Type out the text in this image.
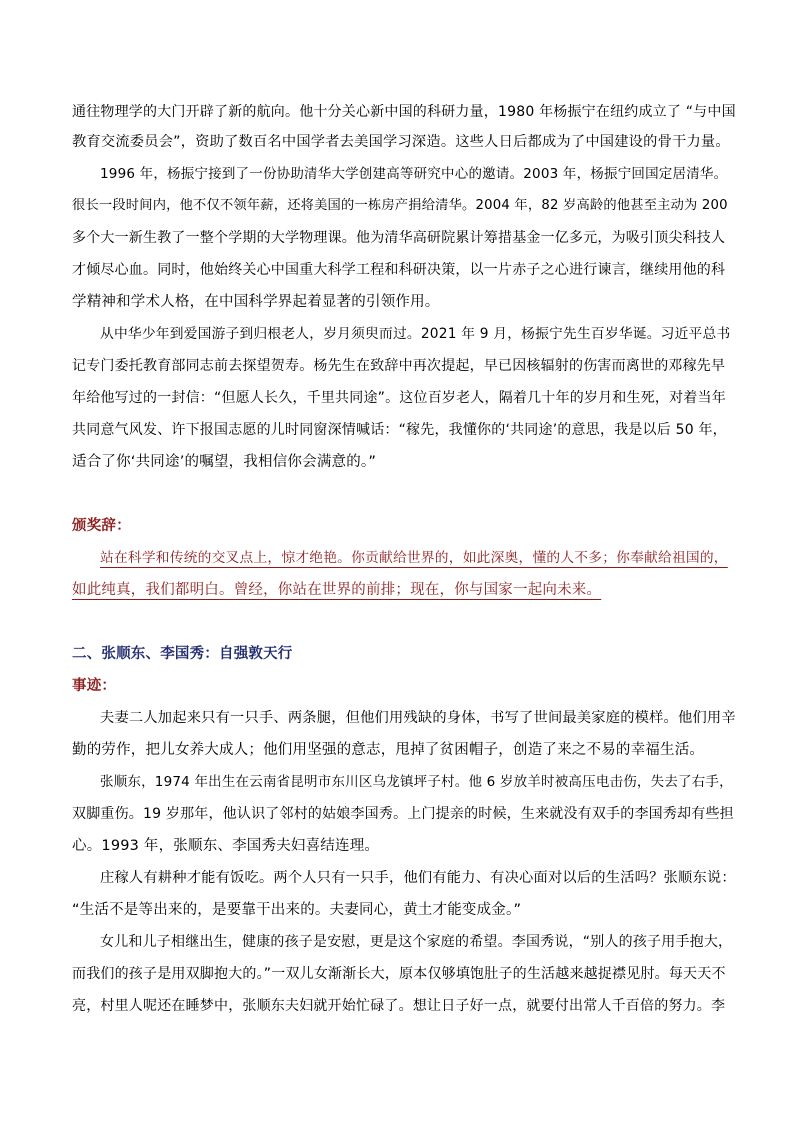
通往物理学的大门开辟了新的航向。他十分关心新中国的科研力量，1980 年杨振宁在纽约成立了 “与中国
教育交流委员会”，资助了数百名中国学者去美国学习深造。这些人日后都成为了中国建设的骨干力量。
1996 年，杨振宁接到了一份协助清华大学创建高等研究中心的邀请。2003 年，杨振宁回国定居清华。
很长一段时间内，他不仅不领年薪，还将美国的一栋房产捐给清华。2004 年，82 岁高龄的他甚至主动为 200
多个大一新生教了一整个学期的大学物理课。他为清华高研院累计筹措基金一亿多元，为吸引顶尖科技人
才倾尽心血。同时，他始终关心中国重大科学工程和科研决策，以一片赤子之心进行谏言，继续用他的科
学精神和学术人格，在中国科学界起着显著的引领作用。
从中华少年到爱国游子到归根老人，岁月须臾而过。2021 年 9 月，杨振宁先生百岁华诞。习近平总书
记专门委托教育部同志前去探望贺寿。杨先生在致辞中再次提起，早已因核辐射的伤害而离世的邓稼先早
年给他写过的一封信：“但愿人长久，千里共同途”。这位百岁老人，隔着几十年的岁月和生死，对着当年
共同意气风发、许下报国志愿的儿时同窗深情喊话：“稼先，我懂你的‘共同途’的意思，我是以后 50 年，
适合了你‘共同途’的嘱望，我相信你会满意的。”
颁奖辞：
站在科学和传统的交叉点上，惊才绝艳。你贡献给世界的，如此深奥，懂的人不多；你奉献给祖国的，
如此纯真，我们都明白。曾经，你站在世界的前排；现在，你与国家一起向未来。
二、张顺东、李国秀：自强敦天行
事迹：
夫妻二人加起来只有一只手、两条腿，但他们用残缺的身体，书写了世间最美家庭的模样。他们用辛
勤的劳作，把儿女养大成人；他们用坚强的意志，甩掉了贫困帽子，创造了来之不易的幸福生活。
张顺东，1974 年出生在云南省昆明市东川区乌龙镇坪子村。他 6 岁放羊时被高压电击伤，失去了右手，
双脚重伤。19 岁那年，他认识了邻村的姑娘李国秀。上门提亲的时候，生来就没有双手的李国秀却有些担
心。1993 年，张顺东、李国秀夫妇喜结连理。
庄稼人有耕种才能有饭吃。两个人只有一只手，他们有能力、有决心面对以后的生活吗？张顺东说：
“生活不是等出来的，是要靠干出来的。夫妻同心，黄土才能变成金。”
女儿和儿子相继出生，健康的孩子是安慰，更是这个家庭的希望。李国秀说，“别人的孩子用手抱大，
而我们的孩子是用双脚抱大的。”一双儿女渐渐长大，原本仅够填饱肚子的生活越来越捉襟见肘。每天天不
亮，村里人呢还在睡梦中，张顺东夫妇就开始忙碌了。想让日子好一点，就要付出常人千百倍的努力。李
